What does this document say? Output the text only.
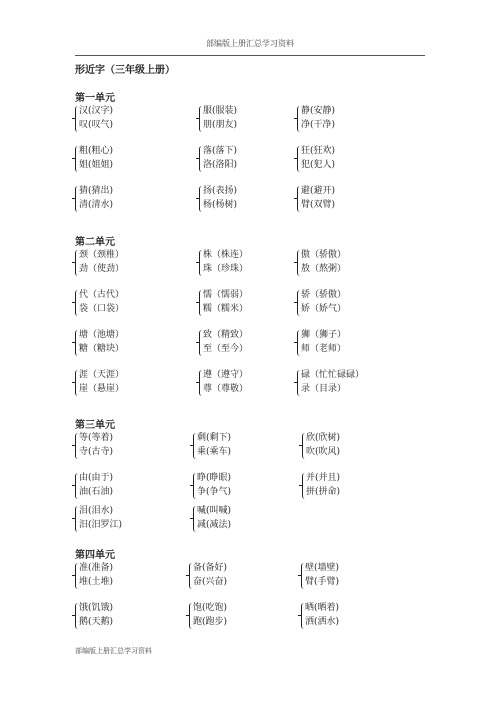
部编版上册汇总学习资料
形近字（三年级上册）
第一单元
汉(汉字)
叹(叹气)
服(服装)
朋(朋友)
静(安静)
净(干净)
粗(粗心)
姐(姐姐)
落(落下)
洛(洛阳)
狂(狂欢)
犯(犯人)
猜(猜出)
清(清水)
扬(表扬)
杨(杨树)
避(避开)
臂(双臂)
第二单元
颈（颈椎）
劲（使劲）
株（株连）
珠（珍珠）
傲（骄傲）
敖（熬粥）
代（古代）
袋（口袋）
懦（懦弱）
糯（糯米）
骄（骄傲）
娇（娇气）
塘（池塘）
糖（糖块）
致（精致）
至（至今）
狮（狮子）
师（老师）
涯（天涯）
崖（悬崖）
遵（遵守）
尊（尊敬）
碌（忙忙碌碌）
录（目录）
第三单元
等(等着)
寺(古寺)
剩(剩下)
乘(乘车)
欣(欣树)
吹(吹风)
由(由于)
油(石油)
睁(睁眼)
争(争气)
并(并且)
拼(拼命)
泪(泪水)
汨(汨罗江)
喊(叫喊)
减(减法)
第四单元
准(准备)
堆(土堆)
备(备好)
奋(兴奋)
壁(墙壁)
臂(手臂)
饿(饥饿)
鹅(天鹅)
饱(吃饱)
跑(跑步)
晒(晒着)
洒(洒水)
部编版上册汇总学习资料
